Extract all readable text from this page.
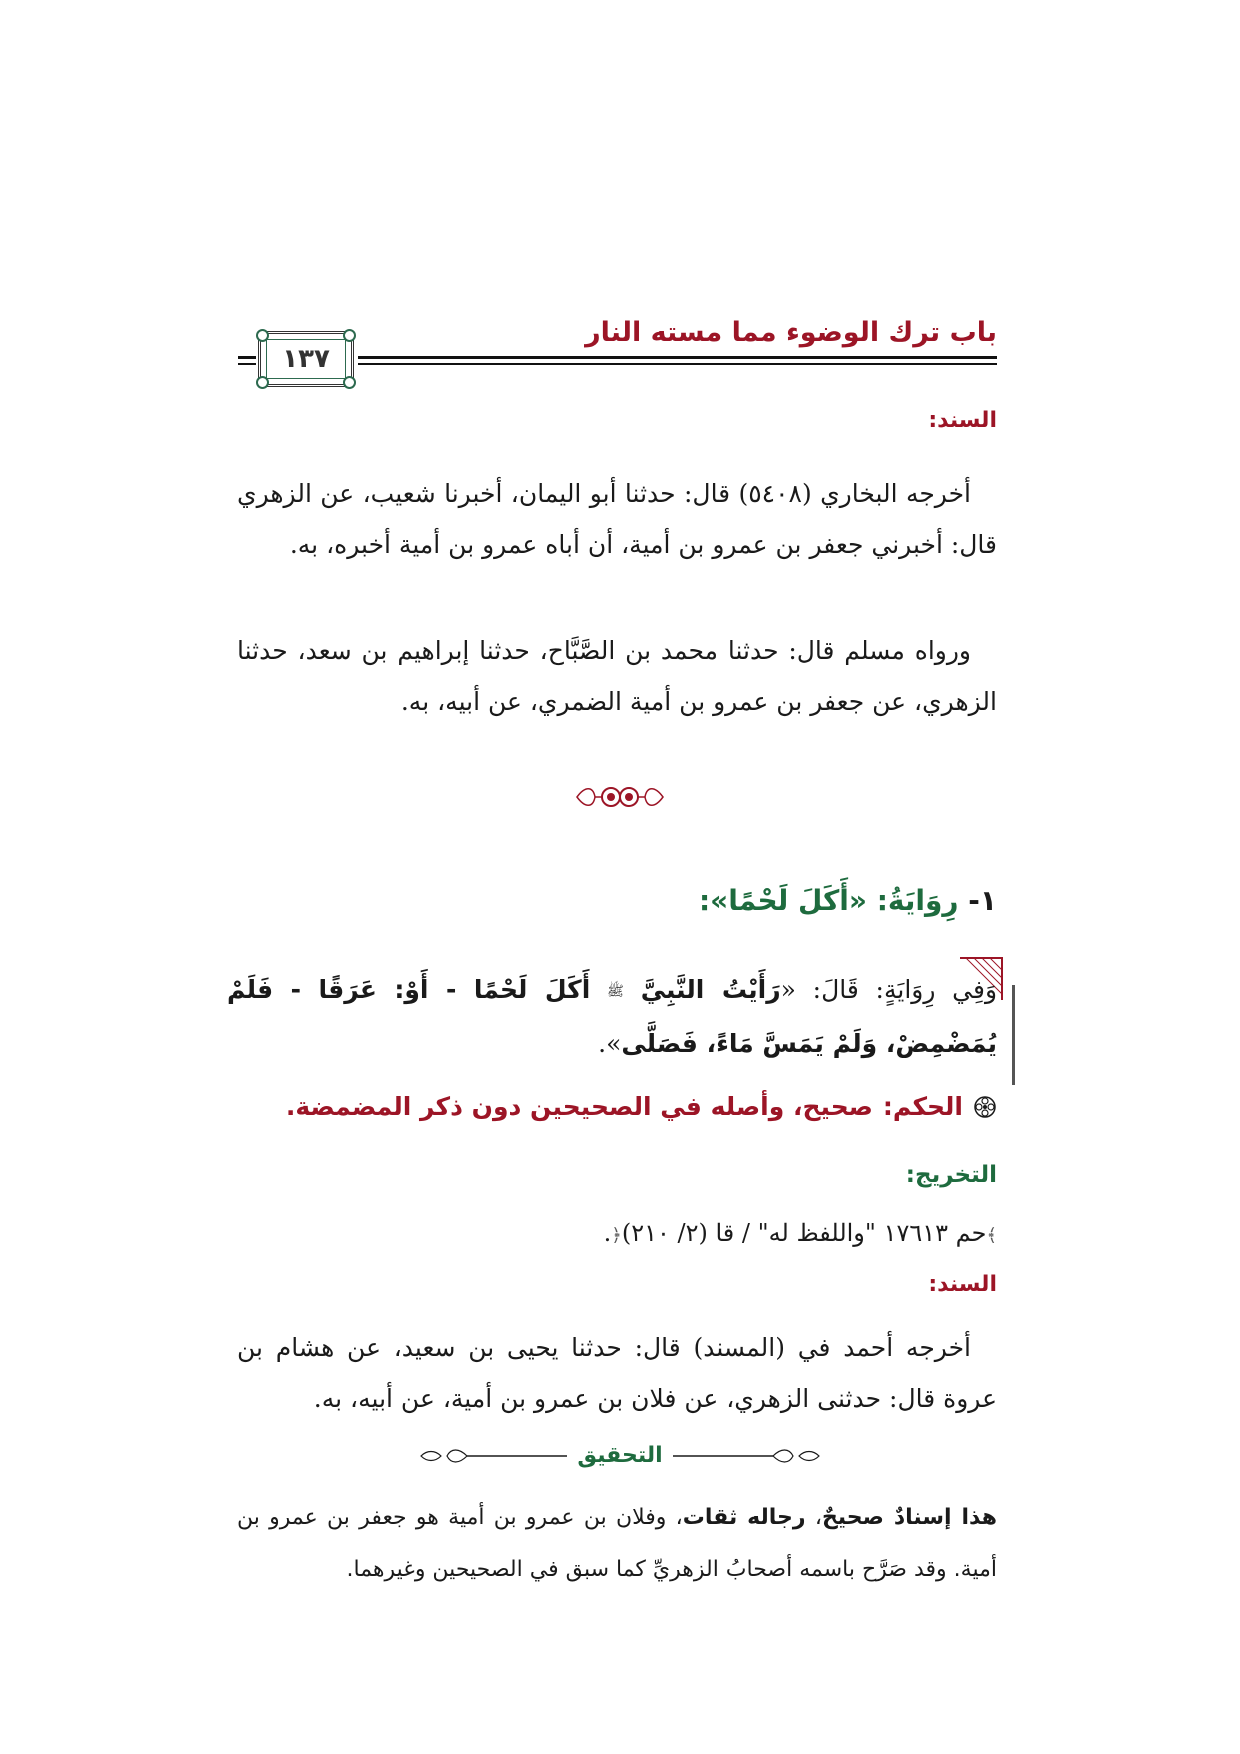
باب ترك الوضوء مما مسته النار
١٣٧
السند:
أخرجه البخاري (٥٤٠٨) قال: حدثنا أبو اليمان، أخبرنا شعيب، عن الزهري قال: أخبرني جعفر بن عمرو بن أمية، أن أباه عمرو بن أمية أخبره، به.
ورواه مسلم قال: حدثنا محمد بن الصَّبَّاح، حدثنا إبراهيم بن سعد، حدثنا الزهري، عن جعفر بن عمرو بن أمية الضمري، عن أبيه، به.
١- رِوَايَةُ: «أَكَلَ لَحْمًا»:
وَفِي رِوَايَةٍ: قَالَ: «رَأَيْتُ النَّبِيَّ ﷺ أَكَلَ لَحْمًا - أَوْ: عَرَقًا - فَلَمْ يُمَضْمِضْ، وَلَمْ يَمَسَّ مَاءً، فَصَلَّى».
الحكم:
صحيح، وأصله في الصحيحين دون ذكر المضمضة.
التخريج:
﴾حم ١٧٦١٣ "واللفظ له" / قا (٢/ ٢١٠)﴿.
السند:
أخرجه أحمد في (المسند) قال: حدثنا يحيى بن سعيد، عن هشام بن عروة قال: حدثنى الزهري، عن فلان بن عمرو بن أمية، عن أبيه، به.
التحقيق
هذا إسنادٌ صحيحٌ، رجاله ثقات، وفلان بن عمرو بن أمية هو جعفر بن عمرو بن أمية. وقد صَرَّح باسمه أصحابُ الزهريِّ كما سبق في الصحيحين وغيرهما.
